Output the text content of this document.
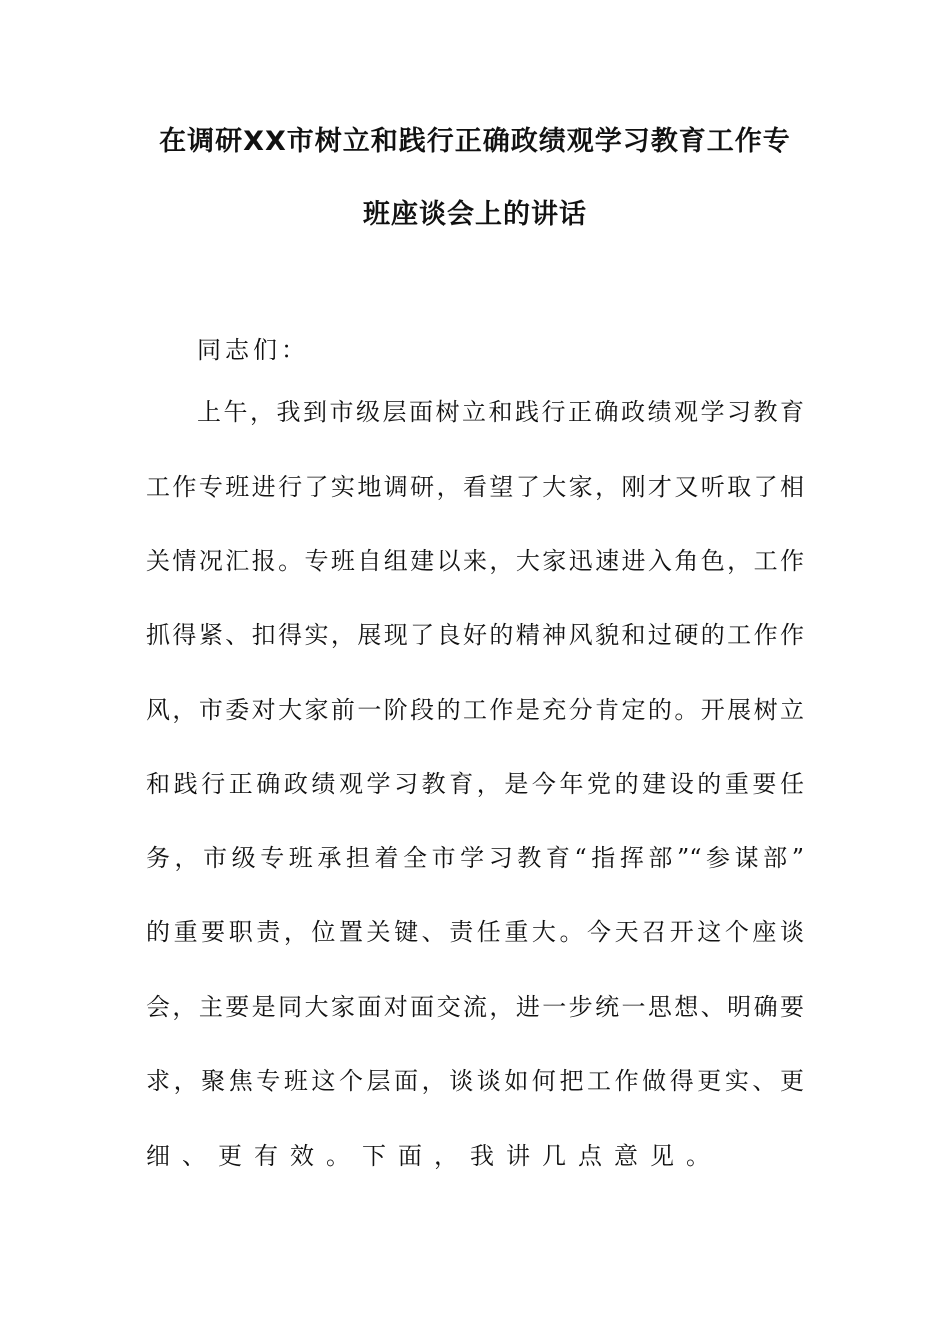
在调研XX市树立和践行正确政绩观学习教育工作专
班座谈会上的讲话
同志们：
上午，我到市级层面树立和践行正确政绩观学习教育
工作专班进行了实地调研，看望了大家，刚才又听取了相
关情况汇报。专班自组建以来，大家迅速进入角色，工作
抓得紧、扣得实，展现了良好的精神风貌和过硬的工作作
风，市委对大家前一阶段的工作是充分肯定的。开展树立
和践行正确政绩观学习教育，是今年党的建设的重要任
务，市级专班承担着全市学习教育“指挥部”“参谋部”
的重要职责，位置关键、责任重大。今天召开这个座谈
会，主要是同大家面对面交流，进一步统一思想、明确要
求，聚焦专班这个层面，谈谈如何把工作做得更实、更
细、更有效。下面，我讲几点意见。
